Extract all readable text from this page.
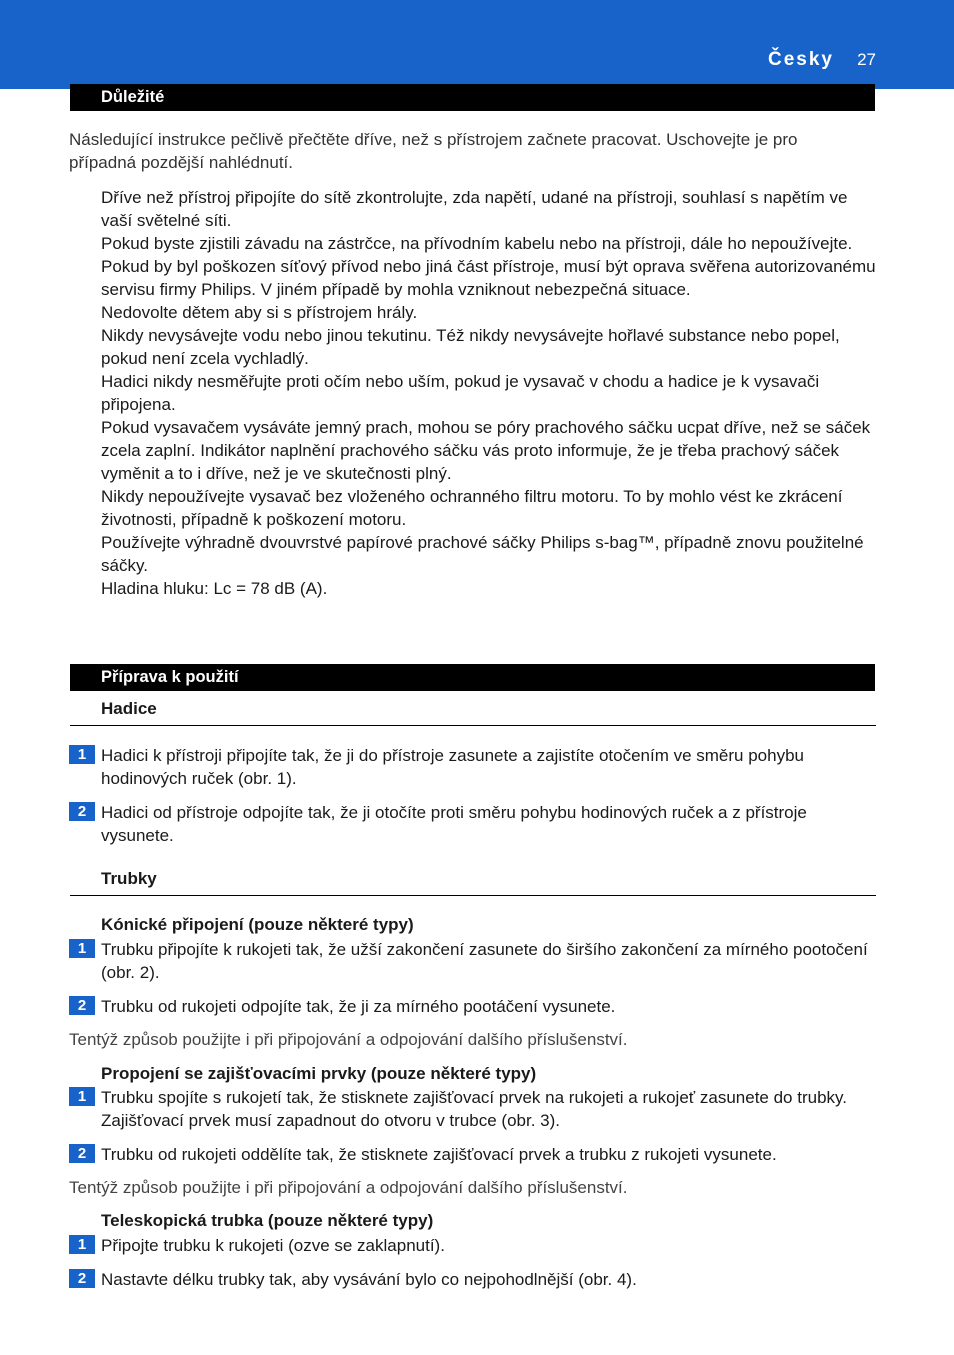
Česky 27
Důležité

Následující instrukce pečlivě přečtěte dříve, než s přístrojem začnete pracovat. Uschovejte je pro případná pozdější nahlédnutí.

Dříve než přístroj připojíte do sítě zkontrolujte, zda napětí, udané na přístroji, souhlasí s napětím ve vaší světelné síti.

Pokud byste zjistili závadu na zástrčce, na přívodním kabelu nebo na přístroji, dále ho nepoužívejte.

Pokud by byl poškozen síťový přívod nebo jiná část přístroje, musí být oprava svěřena autorizovanému servisu firmy Philips. V jiném případě by mohla vzniknout nebezpečná situace.

Nedovolte dětem aby si s přístrojem hrály.

Nikdy nevysávejte vodu nebo jinou tekutinu. Též nikdy nevysávejte hořlavé substance nebo popel, pokud není zcela vychladlý.

Hadici nikdy nesměřujte proti očím nebo uším, pokud je vysavač v chodu a hadice je k vysavači připojena.

Pokud vysavačem vysáváte jemný prach, mohou se póry prachového sáčku ucpat dříve, než se sáček zcela zaplní. Indikátor naplnění prachového sáčku vás proto informuje, že je třeba prachový sáček vyměnit a to i dříve, než je ve skutečnosti plný.

Nikdy nepoužívejte vysavač bez vloženého ochranného filtru motoru. To by mohlo vést ke zkrácení životnosti, případně k poškození motoru.

Používejte výhradně dvouvrstvé papírové prachové sáčky Philips s-bag™, případně znovu použitelné sáčky.

Hladina hluku: Lc = 78 dB (A).

Příprava k použití
Hadice
1 Hadici k přístroji připojíte tak, že ji do přístroje zasunete a zajistíte otočením ve směru pohybu hodinových ruček (obr. 1).
2 Hadici od přístroje odpojíte tak, že ji otočíte proti směru pohybu hodinových ruček a z přístroje vysunete.
Trubky
Kónické připojení (pouze některé typy)
1 Trubku připojíte k rukojeti tak, že užší zakončení zasunete do širšího zakončení za mírného pootočení (obr. 2).
2 Trubku od rukojeti odpojíte tak, že ji za mírného pootáčení vysunete.
Tentýž způsob použijte i při připojování a odpojování dalšího příslušenství.
Propojení se zajišťovacími prvky (pouze některé typy)
1 Trubku spojíte s rukojetí tak, že stisknete zajišťovací prvek na rukojeti a rukojeť zasunete do trubky. Zajišťovací prvek musí zapadnout do otvoru v trubce (obr. 3).
2 Trubku od rukojeti oddělíte tak, že stisknete zajišťovací prvek a trubku z rukojeti vysunete.
Tentýž způsob použijte i při připojování a odpojování dalšího příslušenství.
Teleskopická trubka (pouze některé typy)
1 Připojte trubku k rukojeti (ozve se zaklapnutí).
2 Nastavte délku trubky tak, aby vysávání bylo co nejpohodlnější (obr. 4).
